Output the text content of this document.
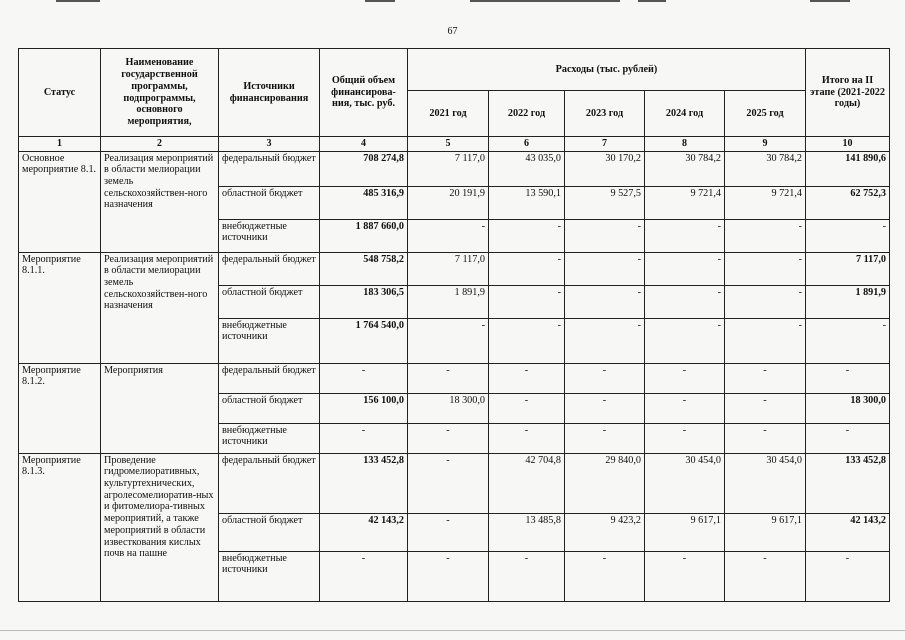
67
Статус	Наименование государственной программы, подпрограммы, основного мероприятия,	Источники финансирования	Общий объем финансирова-ния, тыс. руб.	Расходы (тыс. рублей)					Итого на II этапе (2021-2022 годы)
				2021 год	2022 год	2023 год	2024 год	2025 год	
1	2	3	4	5	6	7	8	9	10
Основное мероприятие 8.1.	Реализация мероприятий в области мелиорации земель сельскохозяйствен-ного назначения	федеральный бюджет	708 274,8	7 117,0	43 035,0	30 170,2	30 784,2	30 784,2	141 890,6
		областной бюджет	485 316,9	20 191,9	13 590,1	9 527,5	9 721,4	9 721,4	62 752,3
		внебюджетные источники	1 887 660,0	-	-	-	-	-	-
Мероприятие 8.1.1.	Реализация мероприятий в области мелиорации земель сельскохозяйствен-ного назначения	федеральный бюджет	548 758,2	7 117,0	-	-	-	-	7 117,0
		областной бюджет	183 306,5	1 891,9	-	-	-	-	1 891,9
		внебюджетные источники	1 764 540,0	-	-	-	-	-	-
Мероприятие 8.1.2.	Мероприятия	федеральный бюджет	-	-	-	-	-	-	-
		областной бюджет	156 100,0	18 300,0	-	-	-	-	18 300,0
		внебюджетные источники	-	-	-	-	-	-	-
Мероприятие 8.1.3.	Проведение гидромелиоративных, культуртехнических, агролесомелиоратив-ных и фитомелиора-тивных мероприятий, а также мероприятий в области известкования кислых почв на пашне	федеральный бюджет	133 452,8	-	42 704,8	29 840,0	30 454,0	30 454,0	133 452,8
		областной бюджет	42 143,2	-	13 485,8	9 423,2	9 617,1	9 617,1	42 143,2
		внебюджетные источники	-	-	-	-	-	-	-
